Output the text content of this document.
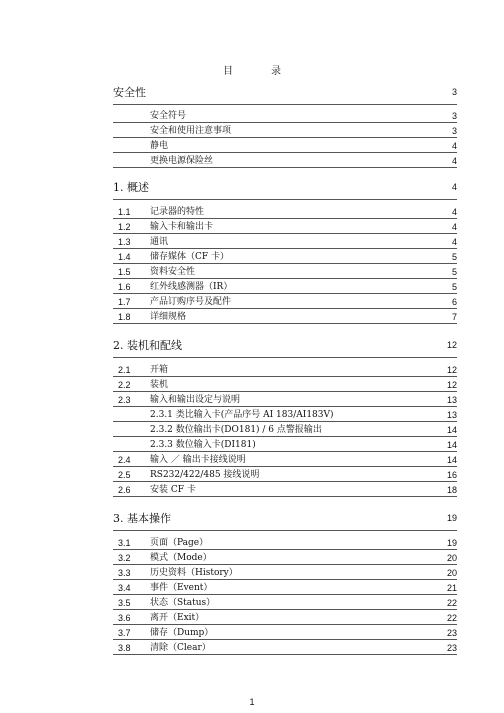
目	录
安全性	3
安全符号	3
安全和使用注意事项	3
静电	4
更换电源保险丝	4
1. 概述	4
1.1	记录器的特性	4
1.2	输入卡和输出卡	4
1.3	通讯	4
1.4	储存媒体（CF 卡）	5
1.5	资料安全性	5
1.6	红外线感测器（IR）	5
1.7	产品订购序号及配件	6
1.8	详细规格	7
2. 装机和配线	12
2.1	开箱	12
2.2	装机	12
2.3	输入和输出设定与说明	13
2.3.1 类比输入卡(产品序号 AI 183/AI183V)	13
2.3.2 数位输出卡(DO181) / 6 点警报输出	14
2.3.3 数位输入卡(DI181)	14
2.4	输入 ／ 输出卡接线说明	14
2.5	RS232/422/485 接线说明	16
2.6	安装 CF 卡	18
3. 基本操作	19
3.1	页面（Page）	19
3.2	模式（Mode）	20
3.3	历史资料（History）	20
3.4	事件（Event）	21
3.5	状态（Status）	22
3.6	离开（Exit）	22
3.7	储存（Dump）	23
3.8	清除（Clear）	23
1
